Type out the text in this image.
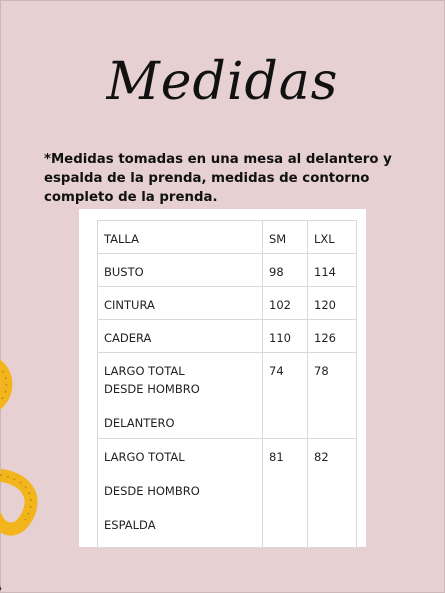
Medidas
*Medidas tomadas en una mesa al delantero y espalda de la prenda, medidas de contorno completo de la prenda.
TALLA	SM	LXL
BUSTO	98	114
CINTURA	102	120
CADERA	110	126

LARGO TOTAL
DESDE HOMBRO
DELANTERO	74	78

LARGO TOTAL
DESDE HOMBRO
ESPALDA	81	82
